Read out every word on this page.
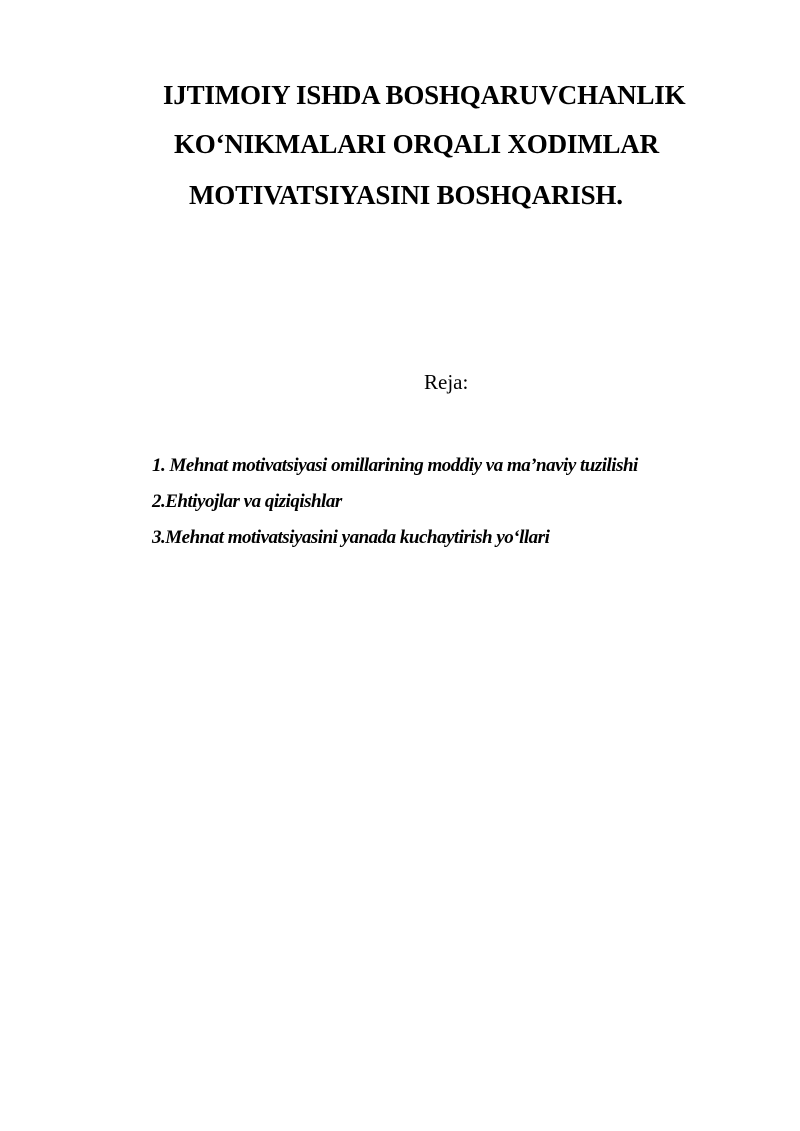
IJTIMOIY ISHDA BOSHQARUVCHANLIK
KO‘NIKMALARI ORQALI XODIMLAR
MOTIVATSIYASINI BOSHQARISH.
Reja:
1. Mehnat motivatsiyasi omillarining moddiy va ma’naviy tuzilishi
2.Ehtiyojlar va qiziqishlar
3.Mehnat motivatsiyasini yanada kuchaytirish yo‘llari
